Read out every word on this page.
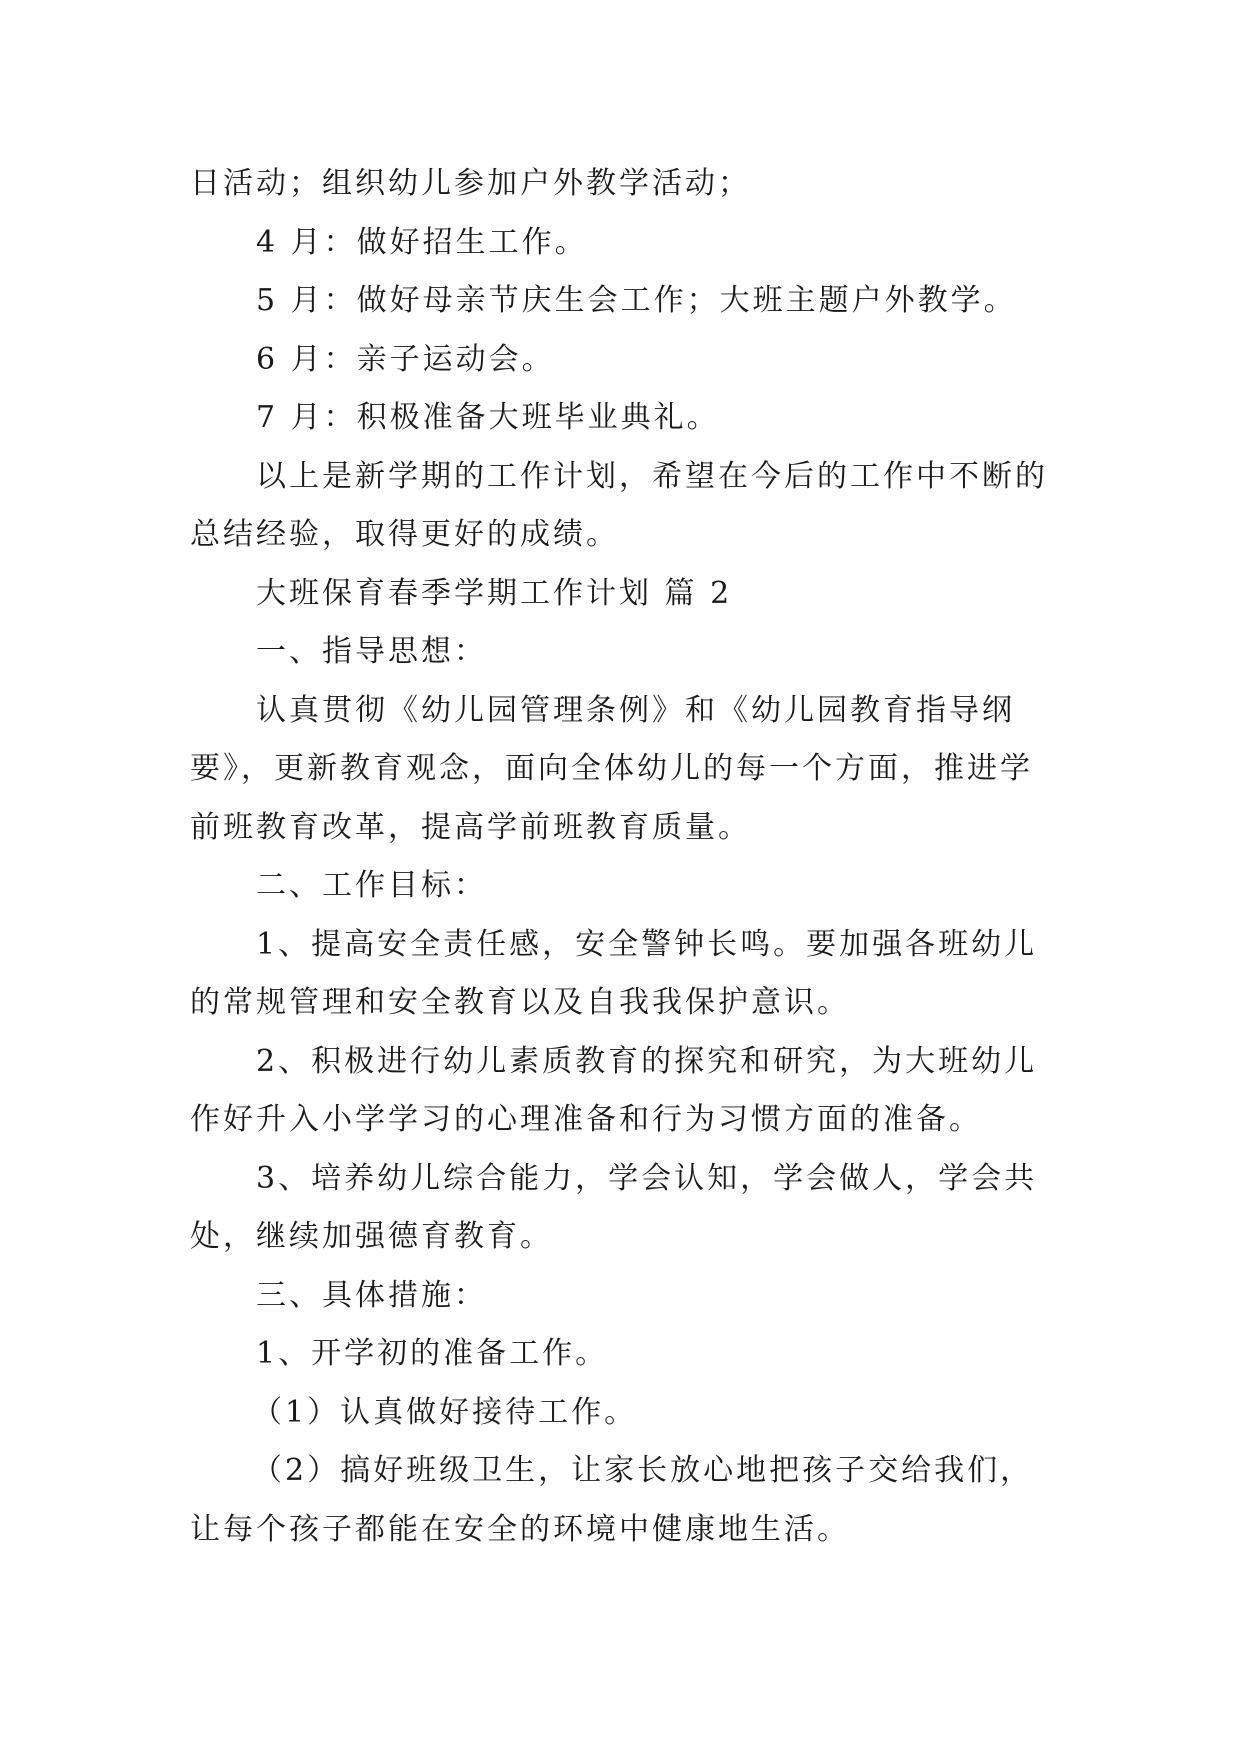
日活动；组织幼儿参加户外教学活动；

4 月：做好招生工作。

5 月：做好母亲节庆生会工作；大班主题户外教学。

6 月：亲子运动会。

7 月：积极准备大班毕业典礼。

以上是新学期的工作计划，希望在今后的工作中不断的

总结经验，取得更好的成绩。

大班保育春季学期工作计划 篇 2

一、指导思想：

认真贯彻《幼儿园管理条例》和《幼儿园教育指导纲

要》，更新教育观念，面向全体幼儿的每一个方面，推进学

前班教育改革，提高学前班教育质量。

二、工作目标：

1、提高安全责任感，安全警钟长鸣。要加强各班幼儿

的常规管理和安全教育以及自我我保护意识。

2、积极进行幼儿素质教育的探究和研究，为大班幼儿

作好升入小学学习的心理准备和行为习惯方面的准备。

3、培养幼儿综合能力，学会认知，学会做人，学会共

处，继续加强德育教育。

三、具体措施：

1、开学初的准备工作。

（1）认真做好接待工作。

（2）搞好班级卫生，让家长放心地把孩子交给我们，

让每个孩子都能在安全的环境中健康地生活。
